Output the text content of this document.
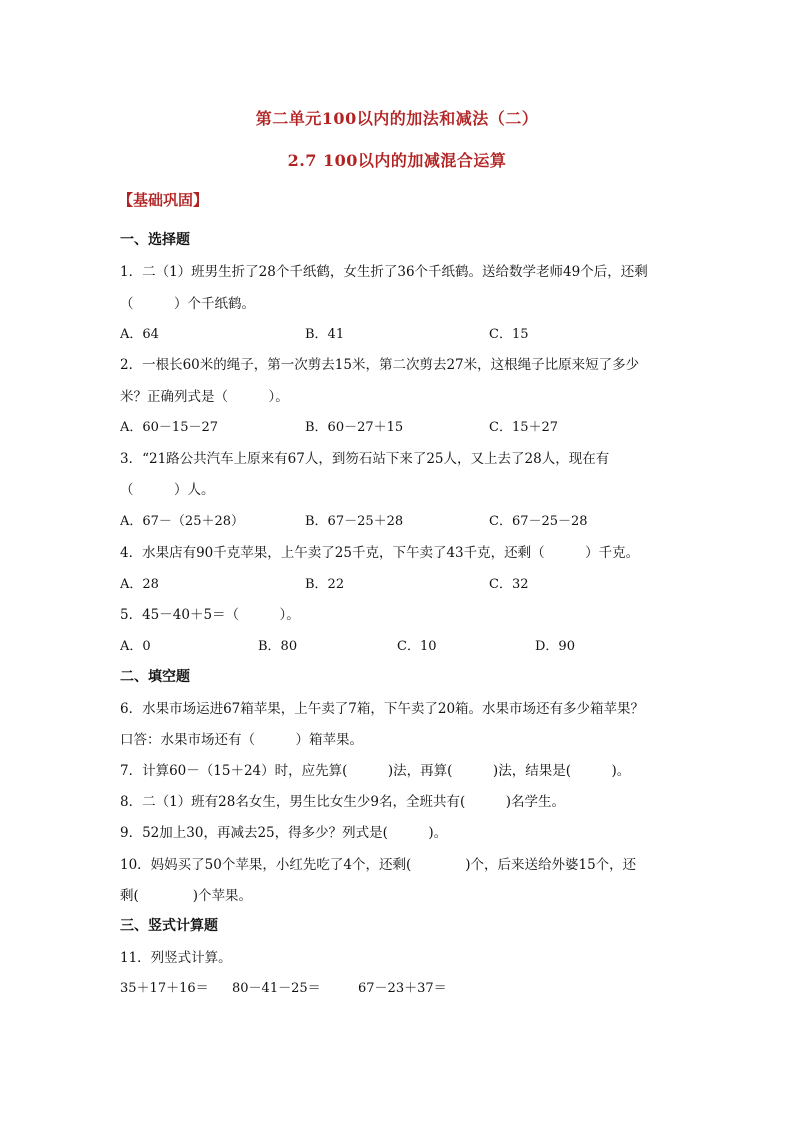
第二单元100以内的加法和减法（二）
2.7 100以内的加减混合运算
【基础巩固】
一、选择题
1．二（1）班男生折了28个千纸鹤，女生折了36个千纸鹤。送给数学老师49个后，还剩
（　　　）个千纸鹤。
A．64	B．41	C．15
2．一根长60米的绳子，第一次剪去15米，第二次剪去27米，这根绳子比原来短了多少
米？正确列式是（　　　）。
A．60－15－27	B．60－27＋15	C．15＋27
3．“21路公共汽车上原来有67人，到笏石站下来了25人，又上去了28人，现在有
（　　　）人。
A．67－（25＋28）	B．67－25＋28	C．67－25－28
4．水果店有90千克苹果，上午卖了25千克，下午卖了43千克，还剩（　　　）千克。
A．28	B．22	C．32
5．45－40＋5＝（　　　）。
A．0	B．80	C．10	D．90
二、填空题
6．水果市场运进67箱苹果，上午卖了7箱，下午卖了20箱。水果市场还有多少箱苹果？
口答：水果市场还有（　　　）箱苹果。
7．计算60－（15＋24）时，应先算(　　　)法，再算(　　　)法，结果是(　　　)。
8．二（1）班有28名女生，男生比女生少9名，全班共有(　　　)名学生。
9．52加上30，再减去25，得多少？列式是(　　　)。
10．妈妈买了50个苹果，小红先吃了4个，还剩(　　　　)个，后来送给外婆15个，还
剩(　　　　)个苹果。
三、竖式计算题
11．列竖式计算。
35＋17＋16＝ 80－41－25＝	67－23＋37＝
